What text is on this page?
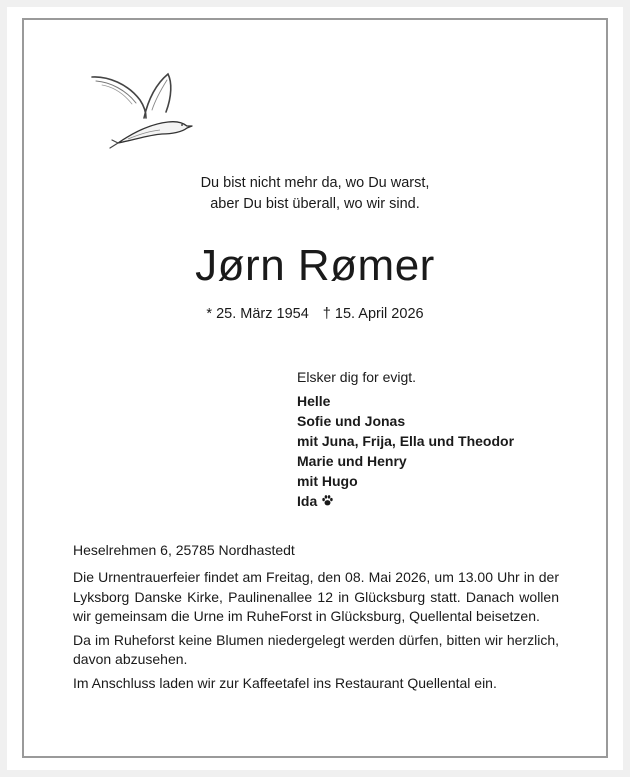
Du bist nicht mehr da, wo Du warst,
aber Du bist überall, wo wir sind.
Jørn Rømer
* 25. März 1954 † 15. April 2026
Elsker dig for evigt.
Helle
Sofie und Jonas
mit Juna, Frija, Ella und Theodor
Marie und Henry
mit Hugo
Ida
Heselrehmen 6, 25785 Nordhastedt

Die Urnentrauerfeier findet am Freitag, den 08. Mai 2026, um 13.00 Uhr in der Lyksborg Danske Kirke, Paulinenallee 12 in Glücksburg statt. Danach wollen wir gemeinsam die Urne im RuheForst in Glücksburg, Quellental beisetzen.

Da im Ruheforst keine Blumen niedergelegt werden dürfen, bitten wir herzlich, davon abzusehen.

Im Anschluss laden wir zur Kaffeetafel ins Restaurant Quellental ein.
